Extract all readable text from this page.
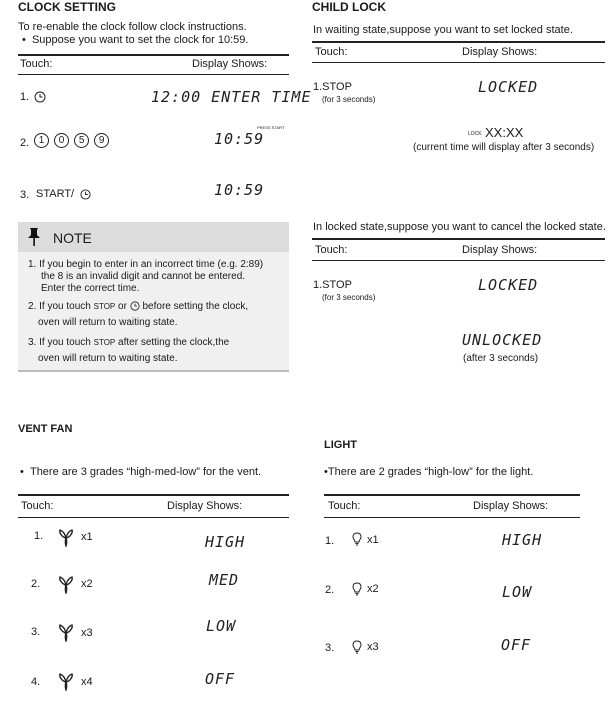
CLOCK SETTING
To re-enable the clock follow clock instructions.
•  Suppose you want to set the clock for 10:59.
Touch:	Display Shows:
1.	12:00 ENTER TIME
2. 1 0 5 9	10:59
PRESS START
3. START/	10:59
NOTE
1. If you begin to enter in an incorrect time (e.g. 2:89)
the 8 is an invalid digit and cannot be entered.
Enter the correct time.
2. If you touch STOP or
before setting the clock,
oven will return to waiting state.
3. If you touch STOP after setting the clock,the
oven will return to waiting state.
CHILD LOCK
In waiting state,suppose you want to set locked state.
Touch:	Display Shows:
1.STOP
(for 3 seconds)
LOCKED
LOCK XX:XX
(current time will display after 3 seconds)
In locked state,suppose you want to cancel the locked state.
Touch:	Display Shows:
1.STOP
(for 3 seconds)
LOCKED
UNLOCKED
(after 3 seconds)
VENT FAN
•  There are 3 grades “high-med-low” for the vent.
Touch:	Display Shows:
1.	x1	HIGH
2.	x2	MED
3.	x3	LOW
4.	x4	OFF
LIGHT
•There are 2 grades “high-low” for the light.
Touch:	Display Shows:
1.	x1	HIGH
2.	x2	LOW
3.	x3	OFF
